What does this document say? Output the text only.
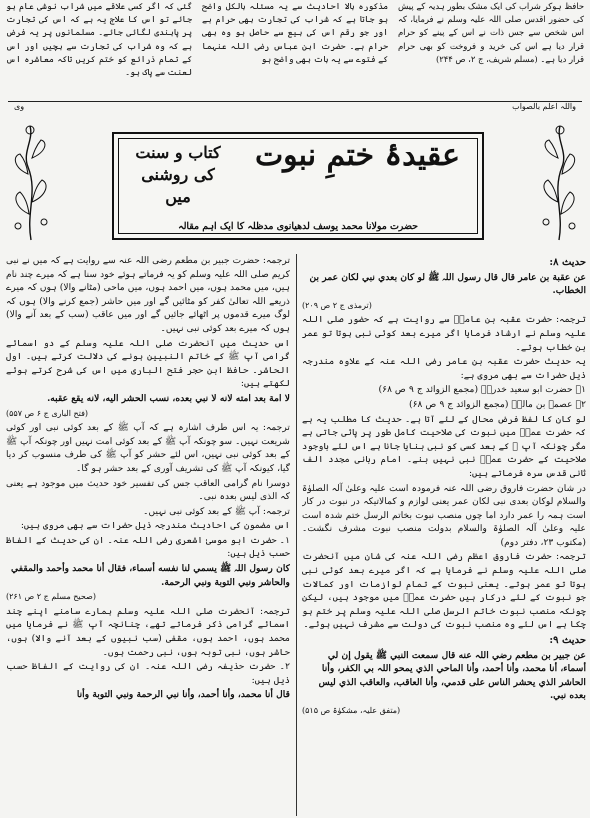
حافظ ہوکر شراب کی ایک مشک بطور ہدیہ کے پیش کی حضور اقدس صلی اللہ علیہ وسلم نے فرمایا، کہ اس شخص سے جس ذات نے اس کے پینے کو حرام قرار دیا ہے اس کی خرید و فروخت کو بھی حرام قرار دیا ہے۔ (مسلم شریف، ج ۲، ص ۲۴۴)
مذکورہ بالا احادیث سے یہ مسئلہ بالکل واضح ہو جاتا ہے کہ شراب کی تجارت بھی حرام ہے اور جو رقم اس کی بیع سے حاصل ہو وہ بھی حرام ہے۔ حضرت ابن عباس رضی اللہ عنہما کے فتوے سے یہ بات بھی واضح ہو
گئی کہ اگر کسی علاقے میں شراب نوشی عام ہو جائے تو اس کا علاج یہ ہے کہ اس کی تجارت پر پابندی لگائی جائے۔ مسلمانوں پر یہ فرض ہے کہ وہ شراب کی تجارت سے بچیں اور اس کے تمام ذرائع کو ختم کریں تاکہ معاشرہ اس لعنت سے پاک ہو۔
واللہ اعلم بالصواب
وی
عقیدۂ ختمِ نبوت
کتاب و سنت کی روشنی میں
حضرت مولانا محمد یوسف لدھیانوی مدظلہ کا ایک اہم مقالہ

حدیث ۸:

عن عقبة بن عامر قال قال رسول اللہ ﷺ لو كان بعدي نبي لكان عمر بن الخطاب.

(ترمذی ج ۲ ص ۲۰۹)

ترجمہ: حضرت عقبہ بن عامرؓ سے روایت ہے کہ حضور صلی اللہ علیہ وسلم نے ارشاد فرمایا اگر میرے بعد کوئی نبی ہوتا تو عمر بن خطاب ہوتے۔

یہ حدیث حضرت عقبہ بن عامر رضی اللہ عنہ کے علاوہ مندرجہ ذیل حضرات سے بھی مروی ہے:

۱۔ حضرت ابو سعید خدریؓ (مجمع الزوائد ج ۹ ص ۶۸)

۲۔ عصمہ بن مالکؓ (مجمع الزوائد ج ۹ ص ۶۸)

لو کان کا لفظ فرض محال کے لئے آتا ہے۔ حدیث کا مطلب یہ ہے کہ حضرت عمرؓ میں نبوت کی صلاحیت کامل طور پر پائی جاتی ہے مگر چونکہ آپ ﷺ کے بعد کسی کو نبی بنایا جانا ہے اس لئے باوجود صلاحیت کے حضرت عمرؓ نبی نہیں بنے۔ امام ربانی مجدد الف ثانی قدس سرہ فرماتے ہیں:

در شان حضرت فاروق رضی اللہ عنہ فرمودہ است علیہ وعلیٰ آلہ الصلوٰۃ والسلام لوکان بعدی نبی لکان عمر یعنی لوازم و کمالاتیکہ در نبوت در کار است ہمہ را عمر دارد اما چوں منصب نبوت بخاتم الرسل ختم شدہ است علیہ وعلیٰ آلہ الصلوٰۃ والسلام بدولت منصب نبوت مشرف نگشت۔ (مکتوب ۲۳، دفتر دوم)

ترجمہ: حضرت فاروق اعظم رضی اللہ عنہ کی شان میں آنحضرت صلی اللہ علیہ وسلم نے فرمایا ہے کہ اگر میرے بعد کوئی نبی ہوتا تو عمر ہوتے۔ یعنی نبوت کے تمام لوازمات اور کمالات جو نبوت کے لئے درکار ہیں حضرت عمرؓ میں موجود ہیں، لیکن چونکہ منصب نبوت خاتم الرسل صلی اللہ علیہ وسلم پر ختم ہو چکا ہے اس لئے وہ منصب نبوت کی دولت سے مشرف نہیں ہوئے۔

حدیث ۹:

عن جبير بن مطعم رضي اللہ عنه قال سمعت النبي ﷺ يقول إن لي أسماء، أنا محمد، وأنا أحمد، وأنا الماحي الذي يمحو اللہ بي الكفر، وأنا الحاشر الذي يحشر الناس على قدمي، وأنا العاقب، والعاقب الذي ليس بعده نبي.

(متفق علیہ، مشکوٰۃ ص ۵۱۵)

ترجمہ: حضرت جبیر بن مطعم رضی اللہ عنہ سے روایت ہے کہ میں نے نبی کریم صلی اللہ علیہ وسلم کو یہ فرماتے ہوئے خود سنا ہے کہ میرے چند نام ہیں، میں محمد ہوں، میں احمد ہوں، میں ماحی (مٹانے والا) ہوں کہ میرے ذریعے اللہ تعالیٰ کفر کو مٹائیں گے اور میں حاشر (جمع کرنے والا) ہوں کہ لوگ میرے قدموں پر اٹھائے جائیں گے اور میں عاقب (سب کے بعد آنے والا) ہوں کہ میرے بعد کوئی نبی نہیں۔

اس حدیث میں آنحضرت صلی اللہ علیہ وسلم کے دو اسمائے گرامی آپ ﷺ کے خاتم النبیین ہونے کی دلالت کرتے ہیں۔ اول الحاشر۔ حافظ ابن حجر فتح الباری میں اس کی شرح کرتے ہوئے لکھتے ہیں:

لا امة بعد امته لانه لا نبي بعده، نسب الحشر اليه، لانه يقع عقبه.

(فتح الباری ج ۶ ص ۵۵۷)

ترجمہ: یہ اس طرف اشارہ ہے کہ آپ ﷺ کے بعد کوئی نبی اور کوئی شریعت نہیں۔ سو چونکہ آپ ﷺ کے بعد کوئی امت نہیں اور چونکہ آپ ﷺ کے بعد کوئی نبی نہیں، اس لئے حشر کو آپ ﷺ کی طرف منسوب کر دیا گیا، کیونکہ آپ ﷺ کی تشریف آوری کے بعد حشر ہو گا۔

دوسرا نام گرامی العاقب جس کی تفسیر خود حدیث میں موجود ہے یعنی کہ الذی لیس بعدہ نبی۔

ترجمہ: آپ ﷺ کے بعد کوئی نبی نہیں۔

اس مضمون کی احادیث مندرجہ ذیل حضرات سے بھی مروی ہیں:

۱۔ حضرت ابو موسیٰ اشعری رضی اللہ عنہ۔ ان کی حدیث کے الفاظ حسب ذیل ہیں:

كان رسول اللہ ﷺ يسمي لنا نفسه أسماء، فقال أنا محمد وأحمد والمقفي والحاشر ونبي التوبة ونبي الرحمة.

(صحیح مسلم ج ۲ ص ۲۶۱)

ترجمہ: آنحضرت صلی اللہ علیہ وسلم ہمارے سامنے اپنے چند اسمائے گرامی ذکر فرماتے تھے، چنانچہ آپ ﷺ نے فرمایا میں محمد ہوں، احمد ہوں، مقفی (سب نبیوں کے بعد آنے والا) ہوں، حاشر ہوں، نبی توبہ ہوں، نبی رحمت ہوں۔

۲۔ حضرت حذیفہ رضی اللہ عنہ۔ ان کی روایت کے الفاظ حسب ذیل ہیں:

قال أنا محمد، وأنا أحمد، وأنا نبي الرحمة ونبي التوبة وأنا
